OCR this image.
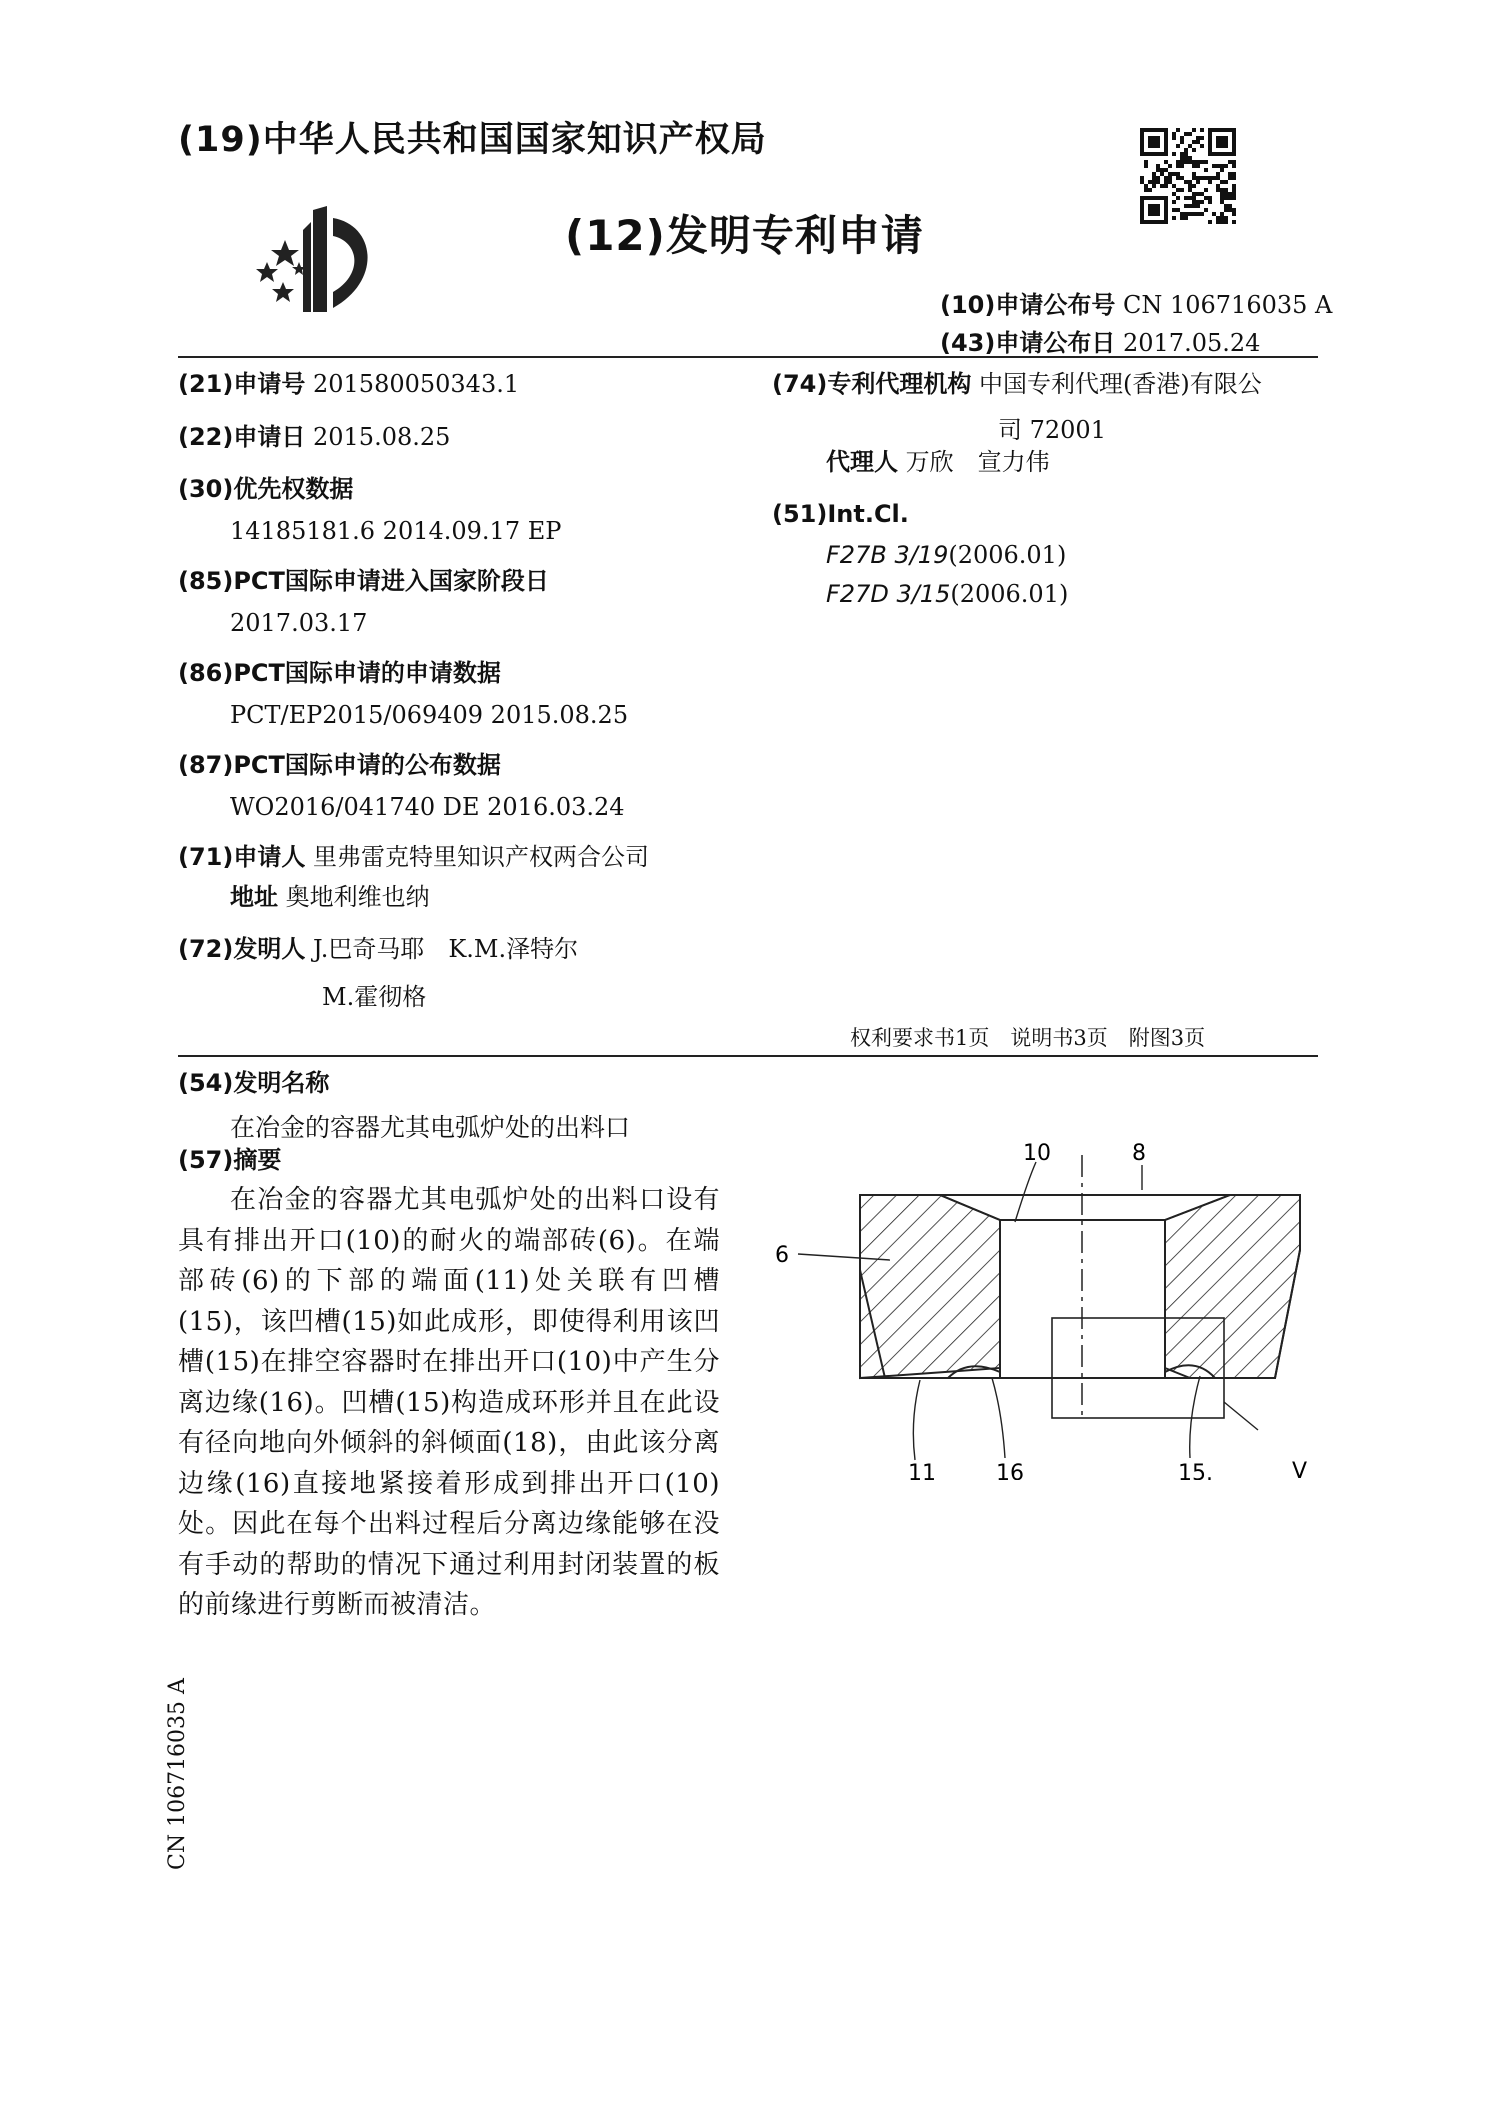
(19)中华人民共和国国家知识产权局
(12)发明专利申请
(10)申请公布号 CN 106716035 A
(43)申请公布日 2017.05.24
(21)申请号 201580050343.1
(22)申请日 2015.08.25
(30)优先权数据
14185181.6 2014.09.17 EP
(85)PCT国际申请进入国家阶段日
2017.03.17
(86)PCT国际申请的申请数据
PCT/EP2015/069409 2015.08.25
(87)PCT国际申请的公布数据
WO2016/041740 DE 2016.03.24
(71)申请人 里弗雷克特里知识产权两合公司
地址 奥地利维也纳
(72)发明人 J.巴奇马耶　K.M.泽特尔
M.霍彻格
(74)专利代理机构 中国专利代理(香港)有限公
司 72001
代理人 万欣　宣力伟
(51)Int.Cl.
F27B 3/19(2006.01)
F27D 3/15(2006.01)
权利要求书1页　说明书3页　附图3页
(54)发明名称
在冶金的容器尤其电弧炉处的出料口
(57)摘要
在冶金的容器尤其电弧炉处的出料口设有具有排出开口(10)的耐火的端部砖(6)。在端部砖(6)的下部的端面(11)处关联有凹槽(15)，该凹槽(15)如此成形，即使得利用该凹槽(15)在排空容器时在排出开口(10)中产生分离边缘(16)。凹槽(15)构造成环形并且在此设有径向地向外倾斜的斜倾面(18)，由此该分离边缘(16)直接地紧接着形成到排出开口(10)处。因此在每个出料过程后分离边缘能够在没有手动的帮助的情况下通过利用封闭装置的板的前缘进行剪断而被清洁。
10	8
6
11	16	15.	V
CN 106716035 A
